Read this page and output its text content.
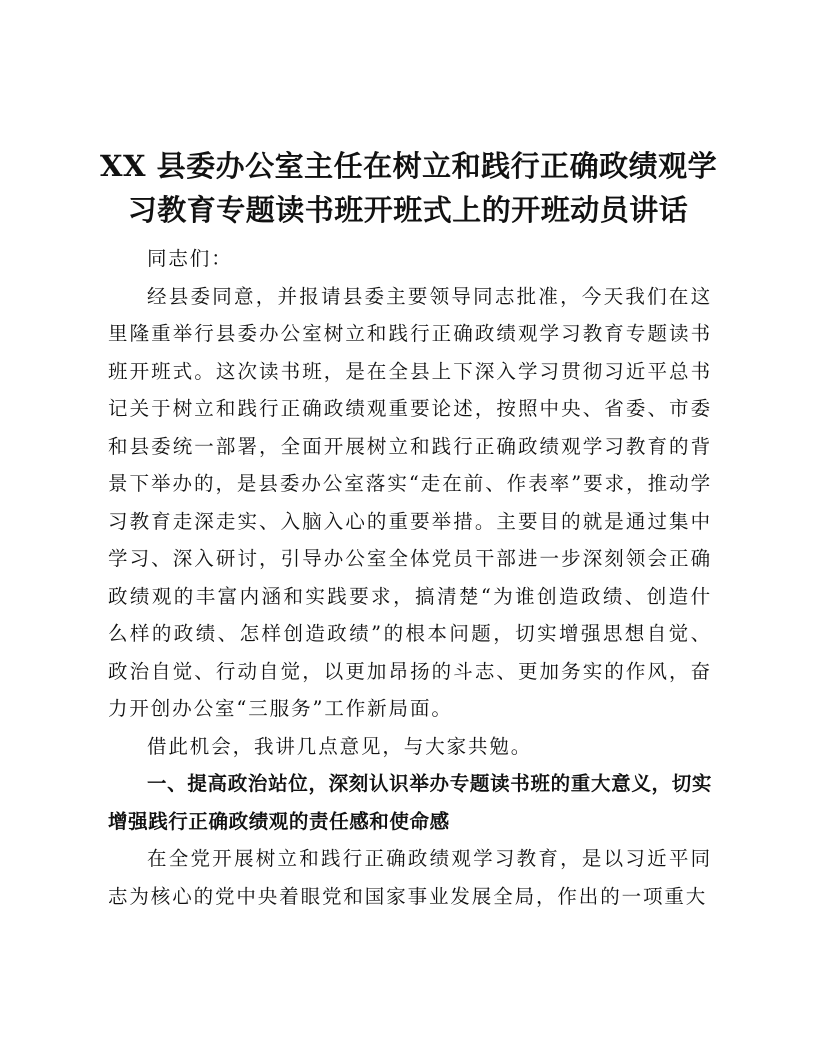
XX 县委办公室主任在树立和践行正确政绩观学
习教育专题读书班开班式上的开班动员讲话

同志们：

经县委同意，并报请县委主要领导同志批准，今天我们在这里隆重举行县委办公室树立和践行正确政绩观学习教育专题读书班开班式。这次读书班，是在全县上下深入学习贯彻习近平总书记关于树立和践行正确政绩观重要论述，按照中央、省委、市委和县委统一部署，全面开展树立和践行正确政绩观学习教育的背景下举办的，是县委办公室落实“走在前、作表率”要求，推动学习教育走深走实、入脑入心的重要举措。主要目的就是通过集中学习、深入研讨，引导办公室全体党员干部进一步深刻领会正确政绩观的丰富内涵和实践要求，搞清楚“为谁创造政绩、创造什么样的政绩、怎样创造政绩”的根本问题，切实增强思想自觉、政治自觉、行动自觉，以更加昂扬的斗志、更加务实的作风，奋力开创办公室“三服务”工作新局面。

借此机会，我讲几点意见，与大家共勉。

一、提高政治站位，深刻认识举办专题读书班的重大意义，切实增强践行正确政绩观的责任感和使命感

在全党开展树立和践行正确政绩观学习教育，是以习近平同志为核心的党中央着眼党和国家事业发展全局，作出的一项重大
